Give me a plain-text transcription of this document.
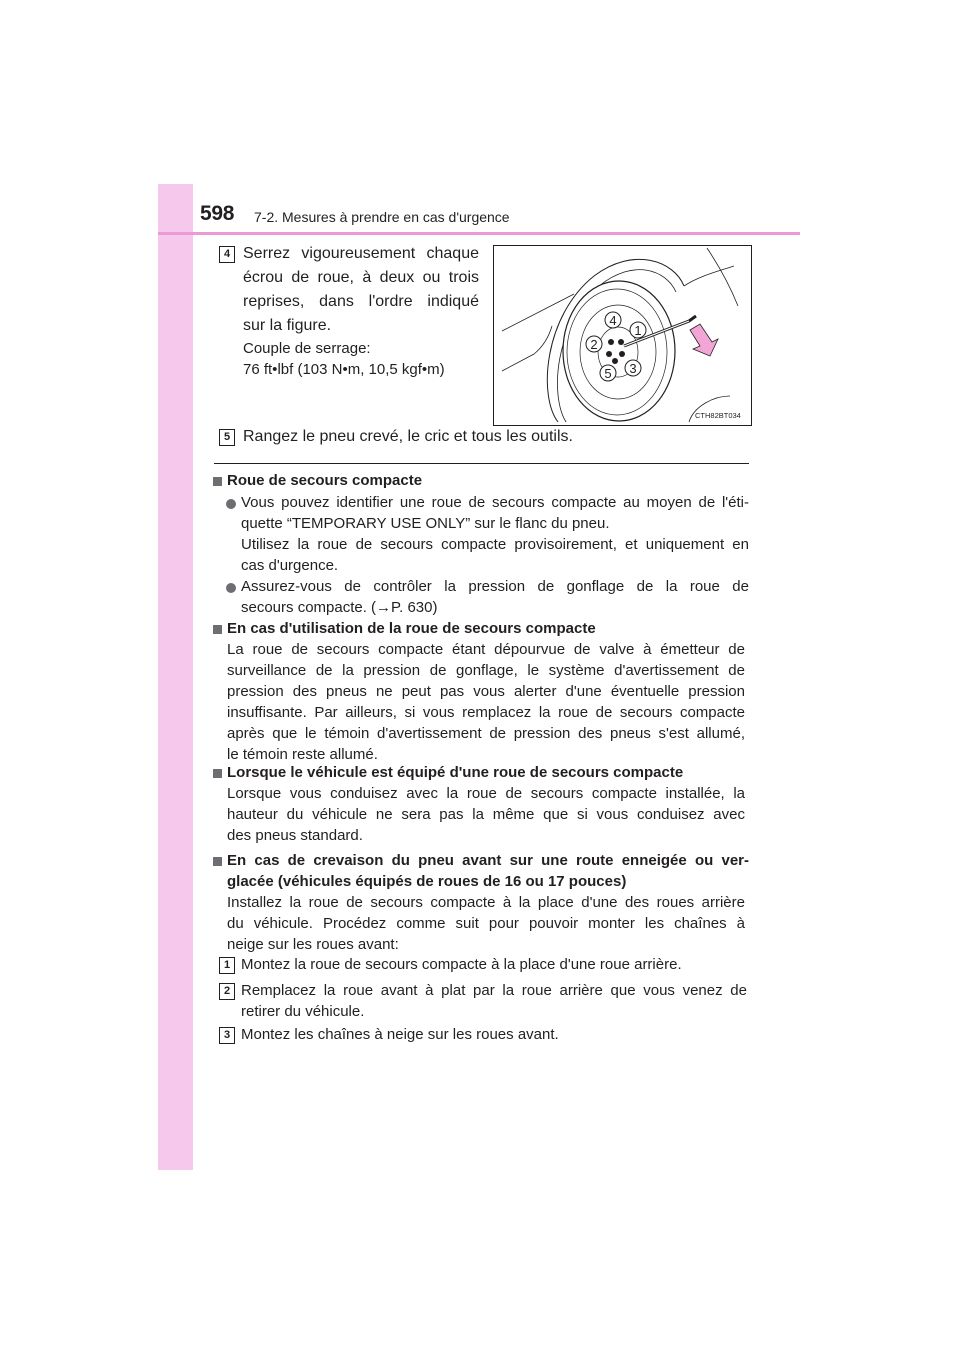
598 7-2. Mesures à prendre en cas d'urgence
4 Serrez vigoureusement chaque
écrou de roue, à deux ou trois
reprises, dans l'ordre indiqué
sur la figure.
Couple de serrage:
76 ft•lbf (103 N•m, 10,5 kgf•m)
4
1
2
3
5
CTH82BT034
5 Rangez le pneu crevé, le cric et tous les outils.
Roue de secours compacte
Vous pouvez identifier une roue de secours compacte au moyen de l'éti-
quette “TEMPORARY USE ONLY” sur le flanc du pneu.
Utilisez la roue de secours compacte provisoirement, et uniquement en
cas d'urgence.
Assurez-vous de contrôler la pression de gonflage de la roue de
secours compacte. (→P. 630)
En cas d'utilisation de la roue de secours compacte
La roue de secours compacte étant dépourvue de valve à émetteur de
surveillance de la pression de gonflage, le système d'avertissement de
pression des pneus ne peut pas vous alerter d'une éventuelle pression
insuffisante. Par ailleurs, si vous remplacez la roue de secours compacte
après que le témoin d'avertissement de pression des pneus s'est allumé,
le témoin reste allumé.
Lorsque le véhicule est équipé d'une roue de secours compacte
Lorsque vous conduisez avec la roue de secours compacte installée, la
hauteur du véhicule ne sera pas la même que si vous conduisez avec
des pneus standard.
En cas de crevaison du pneu avant sur une route enneigée ou ver-
glacée (véhicules équipés de roues de 16 ou 17 pouces)
Installez la roue de secours compacte à la place d'une des roues arrière
du véhicule. Procédez comme suit pour pouvoir monter les chaînes à
neige sur les roues avant:
1 Montez la roue de secours compacte à la place d'une roue arrière.
2 Remplacez la roue avant à plat par la roue arrière que vous venez de
retirer du véhicule.
3 Montez les chaînes à neige sur les roues avant.
